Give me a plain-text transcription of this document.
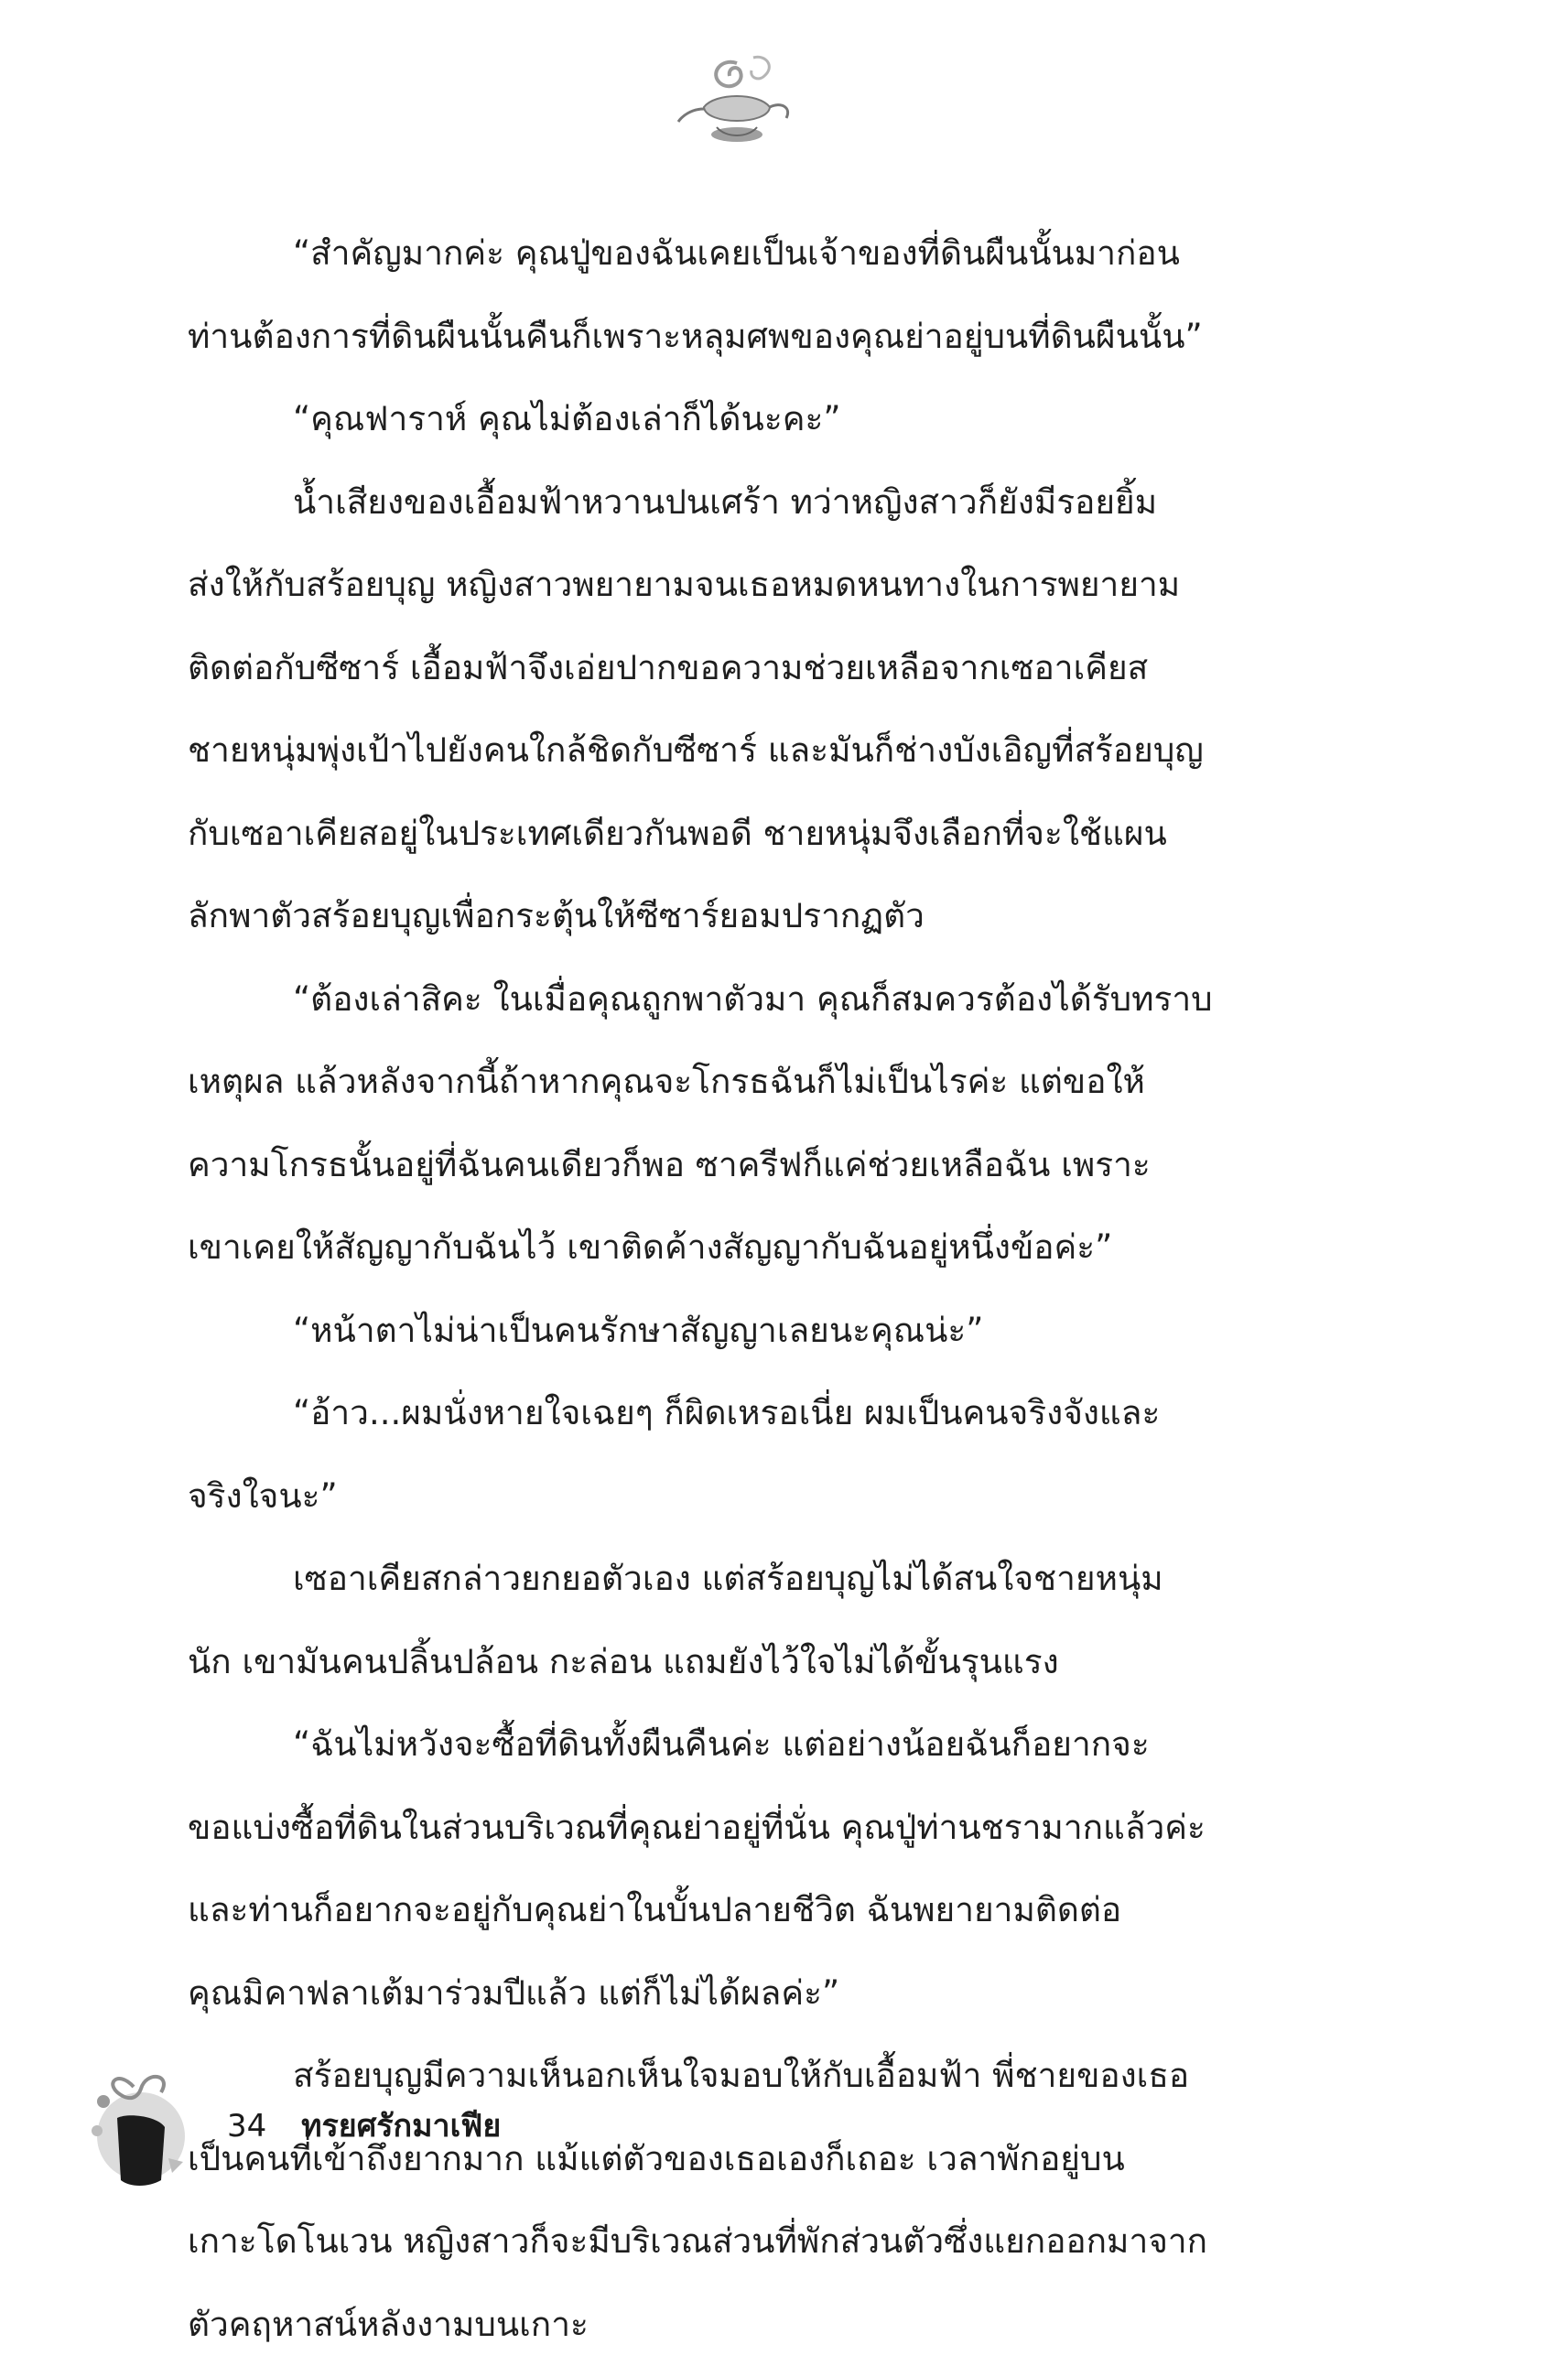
“สำคัญมากค่ะ คุณปู่ของฉันเคยเป็นเจ้าของที่ดินผืนนั้นมาก่อน
ท่านต้องการที่ดินผืนนั้นคืนก็เพราะหลุมศพของคุณย่าอยู่บนที่ดินผืนนั้น”
“คุณฟาราห์ คุณไม่ต้องเล่าก็ได้นะคะ”
น้ำเสียงของเอื้อมฟ้าหวานปนเศร้า ทว่าหญิงสาวก็ยังมีรอยยิ้ม
ส่งให้กับสร้อยบุญ หญิงสาวพยายามจนเธอหมดหนทางในการพยายาม
ติดต่อกับซีซาร์ เอื้อมฟ้าจึงเอ่ยปากขอความช่วยเหลือจากเซอาเคียส
ชายหนุ่มพุ่งเป้าไปยังคนใกล้ชิดกับซีซาร์ และมันก็ช่างบังเอิญที่สร้อยบุญ
กับเซอาเคียสอยู่ในประเทศเดียวกันพอดี ชายหนุ่มจึงเลือกที่จะใช้แผน
ลักพาตัวสร้อยบุญเพื่อกระตุ้นให้ซีซาร์ยอมปรากฏตัว
“ต้องเล่าสิคะ ในเมื่อคุณถูกพาตัวมา คุณก็สมควรต้องได้รับทราบ
เหตุผล แล้วหลังจากนี้ถ้าหากคุณจะโกรธฉันก็ไม่เป็นไรค่ะ แต่ขอให้
ความโกรธนั้นอยู่ที่ฉันคนเดียวก็พอ ซาครีฟก็แค่ช่วยเหลือฉัน เพราะ
เขาเคยให้สัญญากับฉันไว้ เขาติดค้างสัญญากับฉันอยู่หนึ่งข้อค่ะ”
“หน้าตาไม่น่าเป็นคนรักษาสัญญาเลยนะคุณน่ะ”
“อ้าว...ผมนั่งหายใจเฉยๆ ก็ผิดเหรอเนี่ย ผมเป็นคนจริงจังและ
จริงใจนะ”
เซอาเคียสกล่าวยกยอตัวเอง แต่สร้อยบุญไม่ได้สนใจชายหนุ่ม
นัก เขามันคนปลิ้นปล้อน กะล่อน แถมยังไว้ใจไม่ได้ขั้นรุนแรง
“ฉันไม่หวังจะซื้อที่ดินทั้งผืนคืนค่ะ แต่อย่างน้อยฉันก็อยากจะ
ขอแบ่งซื้อที่ดินในส่วนบริเวณที่คุณย่าอยู่ที่นั่น คุณปู่ท่านชรามากแล้วค่ะ
และท่านก็อยากจะอยู่กับคุณย่าในบั้นปลายชีวิต ฉันพยายามติดต่อ
คุณมิคาฟลาเต้มาร่วมปีแล้ว แต่ก็ไม่ได้ผลค่ะ”
สร้อยบุญมีความเห็นอกเห็นใจมอบให้กับเอื้อมฟ้า พี่ชายของเธอ
เป็นคนที่เข้าถึงยากมาก แม้แต่ตัวของเธอเองก็เถอะ เวลาพักอยู่บน
เกาะโดโนเวน หญิงสาวก็จะมีบริเวณส่วนที่พักส่วนตัวซึ่งแยกออกมาจาก
ตัวคฤหาสน์หลังงามบนเกาะ
34 ทรยศรักมาเฟีย
